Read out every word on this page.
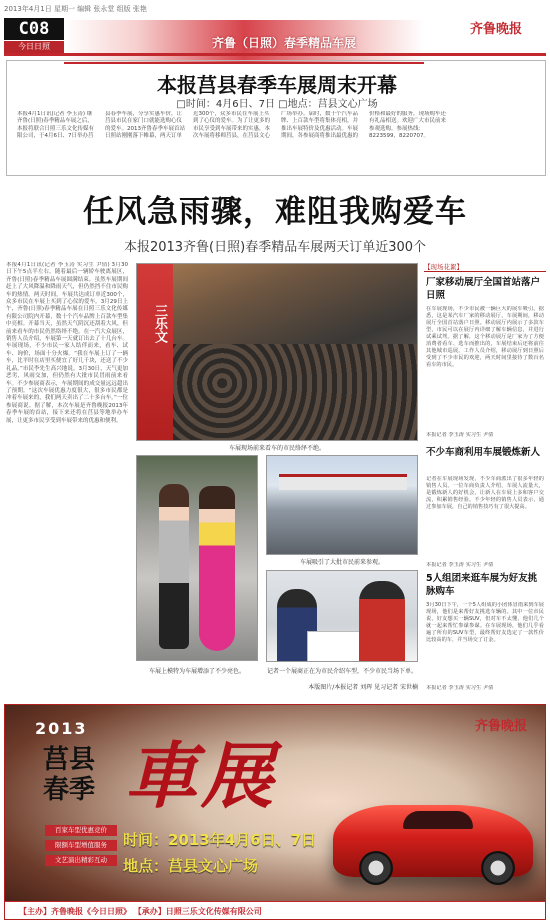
2013年4月1日 星期一 编辑 张永堂 组版 张艳
C08
今日日照	齐鲁（日照）春季精品车展
齐鲁晚报
本报莒县春季车展周末开幕
□时间：4月6日、7日 □地点：莒县文心广场
本报4月1日讯(记者 李玉涛) 继齐鲁(日照)春季精品车展之后，本报将联合日照三乐文化传媒有限公司，于4月6日、7日举办莒县春季车展，分享实惠车价，让莒县市民在家门口就能选购心仪的爱车。2013齐鲁春季车展首站日照站刚刚落下帷幕，两天订单近300个，众多市民在车展上买到了心仪的爱车。为了让更多的市民享受到车展带来的实惠，本次车展将移师莒县，在莒县文心广场举办。届时，数十个汽车品牌、上百款车型将集体亮相，并推出车展特价及优惠活动。车展期间，各参展商将推出最优惠的价格和最好的服务，现场购车还有礼品相送。欢迎广大市民前来参观选购。参展热线：8223599，8220707。
任风急雨骤，难阻我购爱车
本报2013齐鲁(日照)春季精品车展两天订单近300个
本报4月1日讯(记者 李玉涛 实习生 尹倩) 3月30日下午5点半左右，随着最后一辆轿车驶离展区，齐鲁(日照)春季精品车展圆满结束。虽然车展期间赶上了大风降温和降雨天气，但仍然挡不住市民购车的热情。两天时间，车展共达成订单近300个，众多市民在车展上买到了心仪的爱车。3月29日上午，齐鲁(日照)春季精品车展在日照三乐文化传媒有限公司院内开幕，数十个汽车品牌上百款车型集中亮相。开幕当天，虽然天气阴沉还刮着大风，但前来看车的市民仍然络绎不绝。在一汽大众展区，销售人员介绍，车展第一天就订出去了十几台车。车展现场，不少市民一家人结伴而来，看车、试车、询价，场面十分火爆。“我在车展上订了一辆车，比平时在店里买便宜了好几千块，还送了不少礼品。”市民李先生高兴地说。3月30日，天气更加恶劣，风雨交加，但仍然有大批市民冒雨前来看车。不少参展商表示，车展期间的成交量远远超出了预期。“这次车展优惠力度很大，很多市民都是冲着车展来的，我们两天卖出了二十多台车。”一位参展商说。据了解，本次车展是齐鲁晚报2013年春季车展的首站，接下来还将在莒县等地举办车展，让更多市民享受到车展带来的优惠和便利。
三乐文
车展现场前来看车的市民络绎不绝。
车展上模特为车展增添了不少亮色。
车展吸引了大批市民前来参观。
记者一个展商正在为市民介绍车型，不少市民当场下单。
本版图片/本报记者 刘珲 见习记者 宋世楠
【现场花絮】
厂家移动展厅全国首站落户日照
在车展现场，不少市民被一辆巨大的展车吸引。据悉，这是某汽车厂家的移动展厅，车展期间，移动展厅全国首站落户日照。移动展厅内展示了多款车型，市民可以在展厅内详细了解车辆信息，并进行试乘试驾。据了解，这个移动展厅是厂家为了方便消费者看车、选车而推出的，车展结束后还将前往其他城市巡展。工作人员介绍，移动展厅到日照后受到了不少市民的欢迎，两天时间里接待了数百名看车的市民。
本报记者 李玉涛 实习生 尹倩
不少车商利用车展锻炼新人
记者在车展现场发现，不少车商派出了很多年轻的销售人员。一位车商负责人介绍，车展人流量大，是锻炼新人的好机会，让新人在车展上多和客户交流，积累销售经验。不少年轻的销售人员表示，通过参加车展，自己的销售技巧有了很大提高。
本报记者 李玉涛 实习生 尹倩
5人组团来逛车展为好友挑脉购车
3月30日下午，一个5人组成的小团体冒雨来到车展现场，他们是来帮好友挑选车辆的。其中一位市民说，好友想买一辆SUV，但对车不太懂，他们几个就一起来帮忙参谋参谋。在车展现场，他们几乎看遍了所有的SUV车型，最终帮好友选定了一款性价比较高的车，并当场交了订金。
本报记者 李玉涛 实习生 尹倩
2013
莒县
春季 車展
齐鲁晚报
百家车型优惠竞价
限额车型增值服务
文艺演出精彩互动
时间：2013年4月6日、7日
地点：莒县文心广场
【主办】齐鲁晚报《今日日照》 【承办】日照三乐文化传媒有限公司
